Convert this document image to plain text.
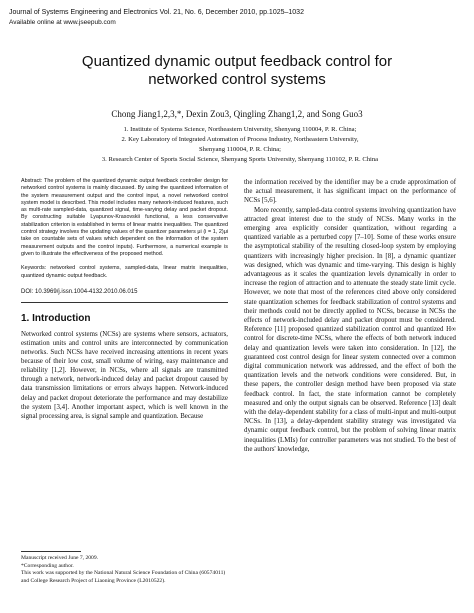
Journal of Systems Engineering and Electronics Vol. 21, No. 6, December 2010, pp.1025–1032
Available online at www.jseepub.com
Quantized dynamic output feedback control for
networked control systems
Chong Jiang1,2,3,*, Dexin Zou3, Qingling Zhang1,2, and Song Guo3
1. Institute of Systems Science, Northeastern University, Shenyang 110004, P. R. China;
2. Key Laboratory of Integrated Automation of Process Industry, Northeastern University,
Shenyang 110004, P. R. China;
3. Research Center of Sports Social Science, Shenyang Sports University, Shenyang 110102, P. R. China

Abstract: The problem of the quantized dynamic output feedback controller design for networked control systems is mainly discussed. By using the quantized information of the system measurement output and the control input, a novel networked control system model is described. This model includes many network-induced features, such as multi-rate sampled-data, quantized signal, time-varying delay and packet dropout. By constructing suitable Lyapunov-Krasovskii functional, a less conservative stabilization criterion is established in terms of linear matrix inequalities. The quantized control strategy involves the updating values of the quantizer parameters μi (i = 1, 2)μi take on countable sets of values which dependent on the information of the system measurement outputs and the control inputs). Furthermore, a numerical example is given to illustrate the effectiveness of the proposed method.

Keywords: networked control systems, sampled-data, linear matrix inequalities, quantized dynamic output feedback.

DOI: 10.3969/j.issn.1004-4132.2010.06.015

1. Introduction

Networked control systems (NCSs) are systems where sensors, actuators, estimation units and control units are interconnected by communication networks. Such NCSs have received increasing attentions in recent years because of their low cost, small volume of wiring, easy maintenance and reliability [1,2]. However, in NCSs, where all signals are transmitted through a network, network-induced delay and packet dropout caused by data transmission limitations or errors always happen. Network-induced delay and packet dropout deteriorate the performance and may destabilize the system [3,4]. Another important aspect, which is well known in the signal processing area, is signal sample and quantization. Because

Manuscript received June 7, 2009.
*Corresponding author.
This work was supported by the National Natural Science Foundation of China (60574011) and College Research Project of Liaoning Province (L2010522).

the information received by the identifier may be a crude approximation of the actual measurement, it has significant impact on the performance of NCSs [5,6].

More recently, sampled-data control systems involving quantization have attracted great interest due to the study of NCSs. Many works in the emerging area explicitly consider quantization, without regarding a quantized variable as a perturbed copy [7–10]. Some of these works ensure the asymptotical stability of the resulting closed-loop system by employing quantizers with increasingly higher precision. In [8], a dynamic quantizer was designed, which was dynamic and time-varying. This design is highly advantageous as it scales the quantization levels dynamically in order to increase the region of attraction and to attenuate the steady state limit cycle. However, we note that most of the references cited above only considered state quantization schemes for feedback stabilization of control systems and their methods could not be directly applied to NCSs, because in NCSs the effects of network-included delay and packet dropout must be considered. Reference [11] proposed quantized stabilization control and quantized H∞ control for discrete-time NCSs, where the effects of both network induced delay and quantization levels were taken into consideration. In [12], the guaranteed cost control design for linear system connected over a common digital communication network was addressed, and the effect of both the quantization levels and the network conditions were considered. But, in these papers, the controller design method have been proposed via state feedback control. In fact, the state information cannot be completely measured and only the output signals can be observed. Reference [13] dealt with the delay-dependent stability for a class of multi-input and multi-output NCSs. In [13], a delay-dependent stability strategy was investigated via dynamic output feedback control, but the problem of solving linear matrix inequalities (LMIs) for controller parameters was not studied. To the best of the authors' knowledge,
